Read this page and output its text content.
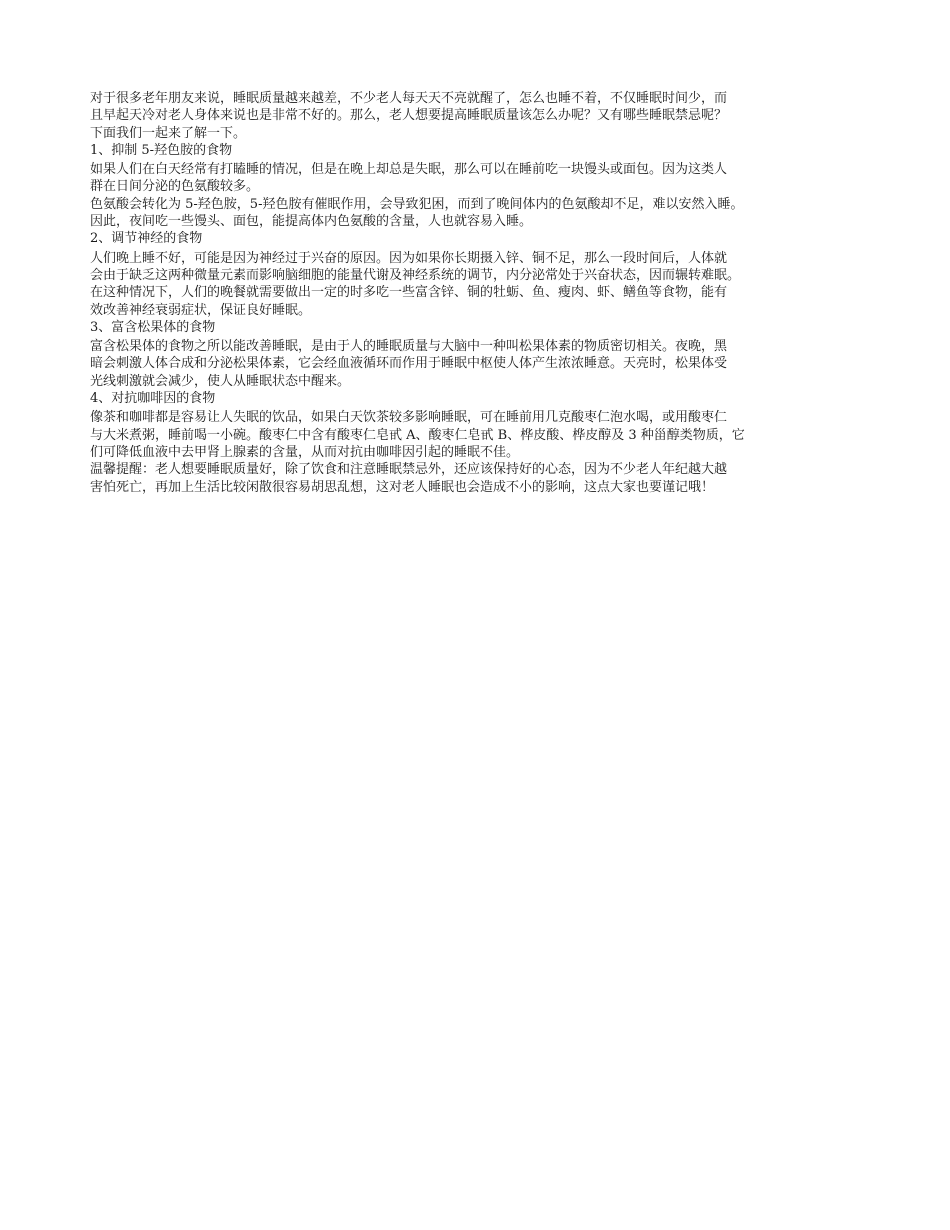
对于很多老年朋友来说，睡眠质量越来越差，不少老人每天天不亮就醒了，怎么也睡不着，不仅睡眠时间少，而
且早起天冷对老人身体来说也是非常不好的。那么，老人想要提高睡眠质量该怎么办呢？又有哪些睡眠禁忌呢？
下面我们一起来了解一下。
1、抑制 5-羟色胺的食物
如果人们在白天经常有打瞌睡的情况，但是在晚上却总是失眠，那么可以在睡前吃一块馒头或面包。因为这类人
群在日间分泌的色氨酸较多。
色氨酸会转化为 5-羟色胺，5-羟色胺有催眠作用，会导致犯困，而到了晚间体内的色氨酸却不足，难以安然入睡。
因此，夜间吃一些馒头、面包，能提高体内色氨酸的含量，人也就容易入睡。
2、调节神经的食物
人们晚上睡不好，可能是因为神经过于兴奋的原因。因为如果你长期摄入锌、铜不足，那么一段时间后，人体就
会由于缺乏这两种微量元素而影响脑细胞的能量代谢及神经系统的调节，内分泌常处于兴奋状态，因而辗转难眠。
在这种情况下，人们的晚餐就需要做出一定的时多吃一些富含锌、铜的牡蛎、鱼、瘦肉、虾、鳝鱼等食物，能有
效改善神经衰弱症状，保证良好睡眠。
3、富含松果体的食物
富含松果体的食物之所以能改善睡眠，是由于人的睡眠质量与大脑中一种叫松果体素的物质密切相关。夜晚，黑
暗会刺激人体合成和分泌松果体素，它会经血液循环而作用于睡眠中枢使人体产生浓浓睡意。天亮时，松果体受
光线刺激就会减少，使人从睡眠状态中醒来。
4、对抗咖啡因的食物
像茶和咖啡都是容易让人失眠的饮品，如果白天饮茶较多影响睡眠，可在睡前用几克酸枣仁泡水喝，或用酸枣仁
与大米煮粥，睡前喝一小碗。酸枣仁中含有酸枣仁皂甙 A、酸枣仁皂甙 B、桦皮酸、桦皮醇及 3 种甾醇类物质，它
们可降低血液中去甲肾上腺素的含量，从而对抗由咖啡因引起的睡眠不佳。
温馨提醒：老人想要睡眠质量好，除了饮食和注意睡眠禁忌外，还应该保持好的心态，因为不少老人年纪越大越
害怕死亡，再加上生活比较闲散很容易胡思乱想，这对老人睡眠也会造成不小的影响，这点大家也要谨记哦！
